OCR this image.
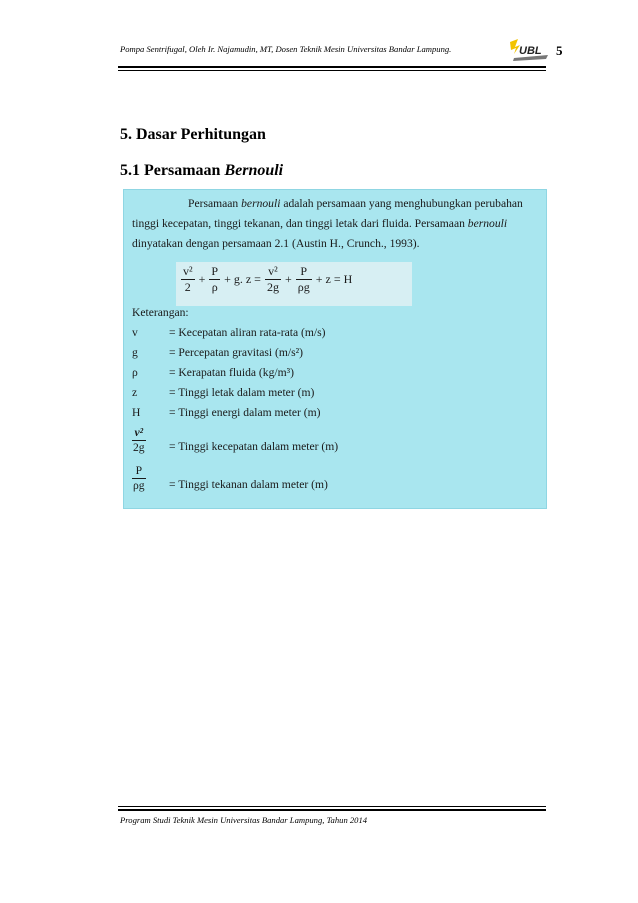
Pompa Sentrifugal, Oleh Ir. Najamudin, MT, Dosen Teknik Mesin Universitas Bandar Lampung.	UBL 5
5. Dasar Perhitungan
5.1 Persamaan Bernouli
Persamaan bernouli adalah persamaan yang menghubungkan perubahan tinggi kecepatan, tinggi tekanan, dan tinggi letak dari fluida. Persamaan bernouli dinyatakan dengan persamaan 2.1 (Austin H., Crunch., 1993).
$\frac{\text{v²}}{2} + \frac{P}{\rho} + g$. $z = \frac{\text{v²}}{2g} + \frac{P}{\rho g} + z = H$
Keterangan:
v	= Kecepatan aliran rata-rata (m/s)
g	= Percepatan gravitasi (m/s²)
ρ	= Kerapatan fluida (kg/m³)
z	= Tinggi letak dalam meter (m)
H = Tinggi energi dalam meter (m)
$\frac{\text{v²}}{2g}$ = Tinggi kecepatan dalam meter (m)
$\frac{P}{\rho g}$ = Tinggi tekanan dalam meter (m)
Program Studi Teknik Mesin Universitas Bandar Lampung, Tahun 2014
